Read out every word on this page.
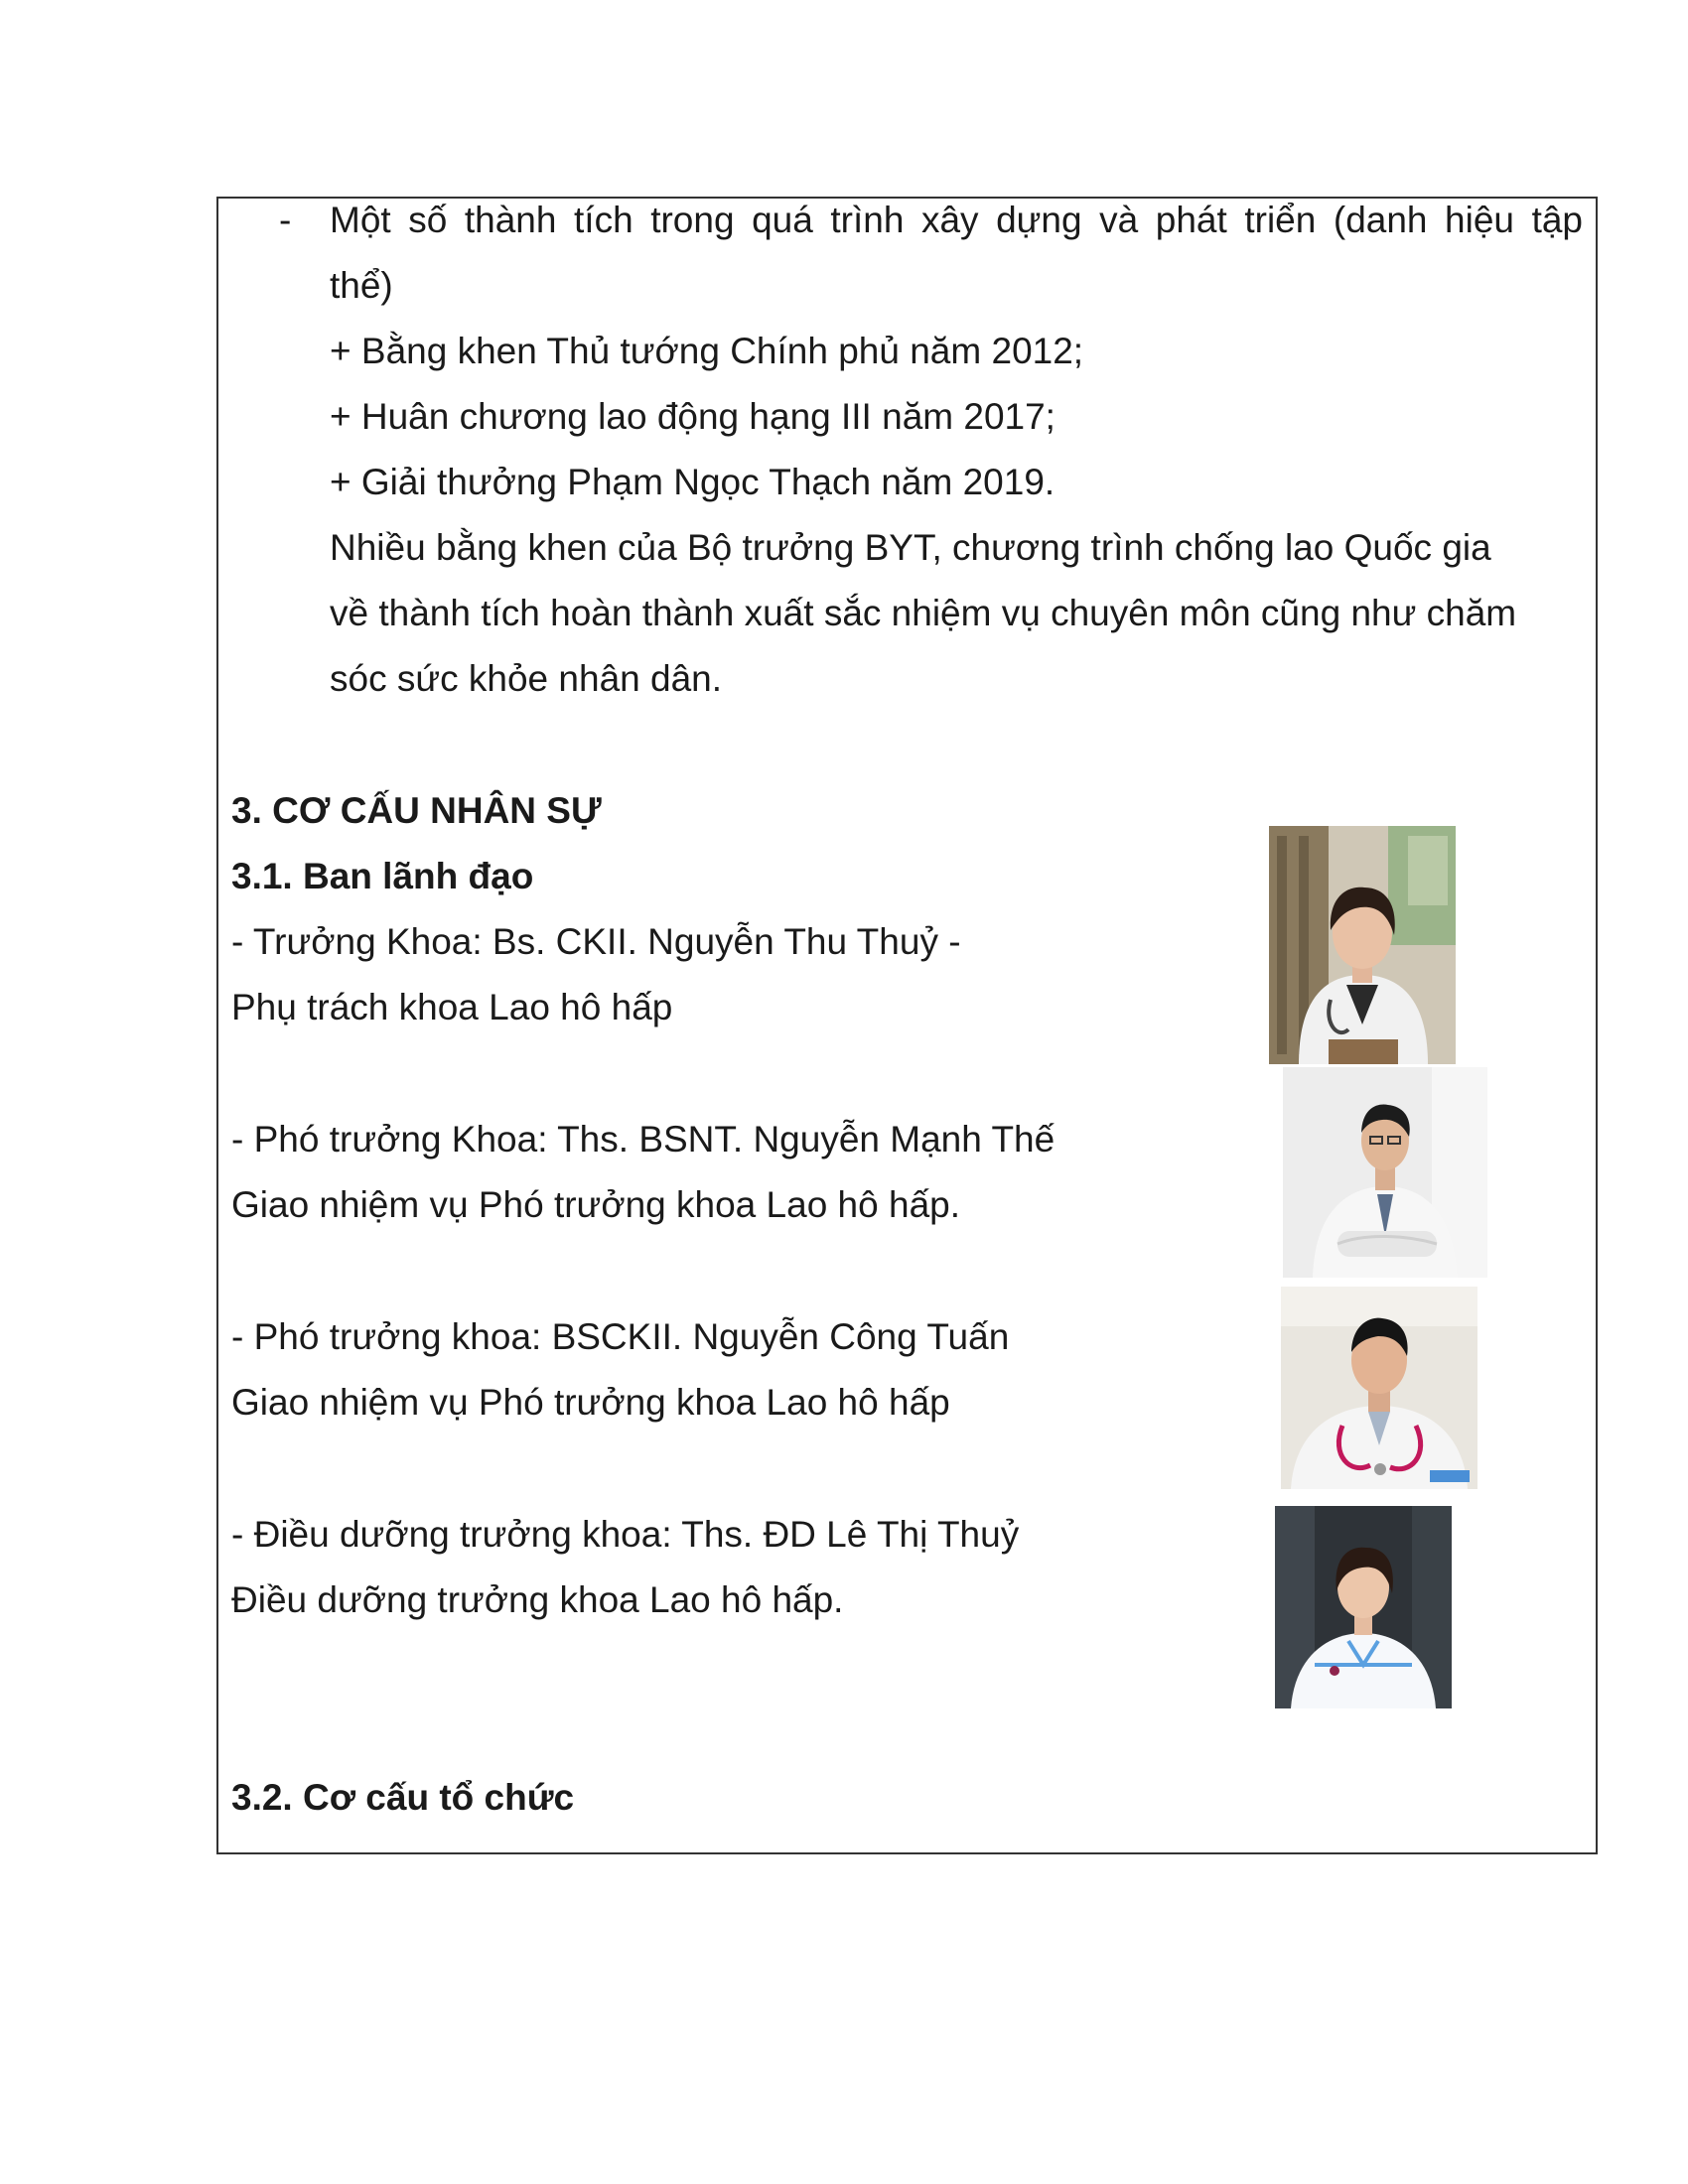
- Một số thành tích trong quá trình xây dựng và phát triển (danh hiệu tập
thể)
+ Bằng khen Thủ tướng Chính phủ năm 2012;
+ Huân chương lao động hạng III năm 2017;
+ Giải thưởng Phạm Ngọc Thạch năm 2019.
Nhiều bằng khen của Bộ trưởng BYT, chương trình chống lao Quốc gia
về thành tích hoàn thành xuất sắc nhiệm vụ chuyên môn cũng như chăm
sóc sức khỏe nhân dân.
3. CƠ CẤU NHÂN SỰ
3.1. Ban lãnh đạo
- Trưởng Khoa: Bs. CKII. Nguyễn Thu Thuỷ -
Phụ trách khoa Lao hô hấp
- Phó trưởng Khoa: Ths. BSNT. Nguyễn Mạnh Thế
Giao nhiệm vụ Phó trưởng khoa Lao hô hấp.
- Phó trưởng khoa: BSCKII. Nguyễn Công Tuấn
Giao nhiệm vụ Phó trưởng khoa Lao hô hấp
- Điều dưỡng trưởng khoa: Ths. ĐD Lê Thị Thuỷ
Điều dưỡng trưởng khoa Lao hô hấp.
3.2. Cơ cấu tổ chức
